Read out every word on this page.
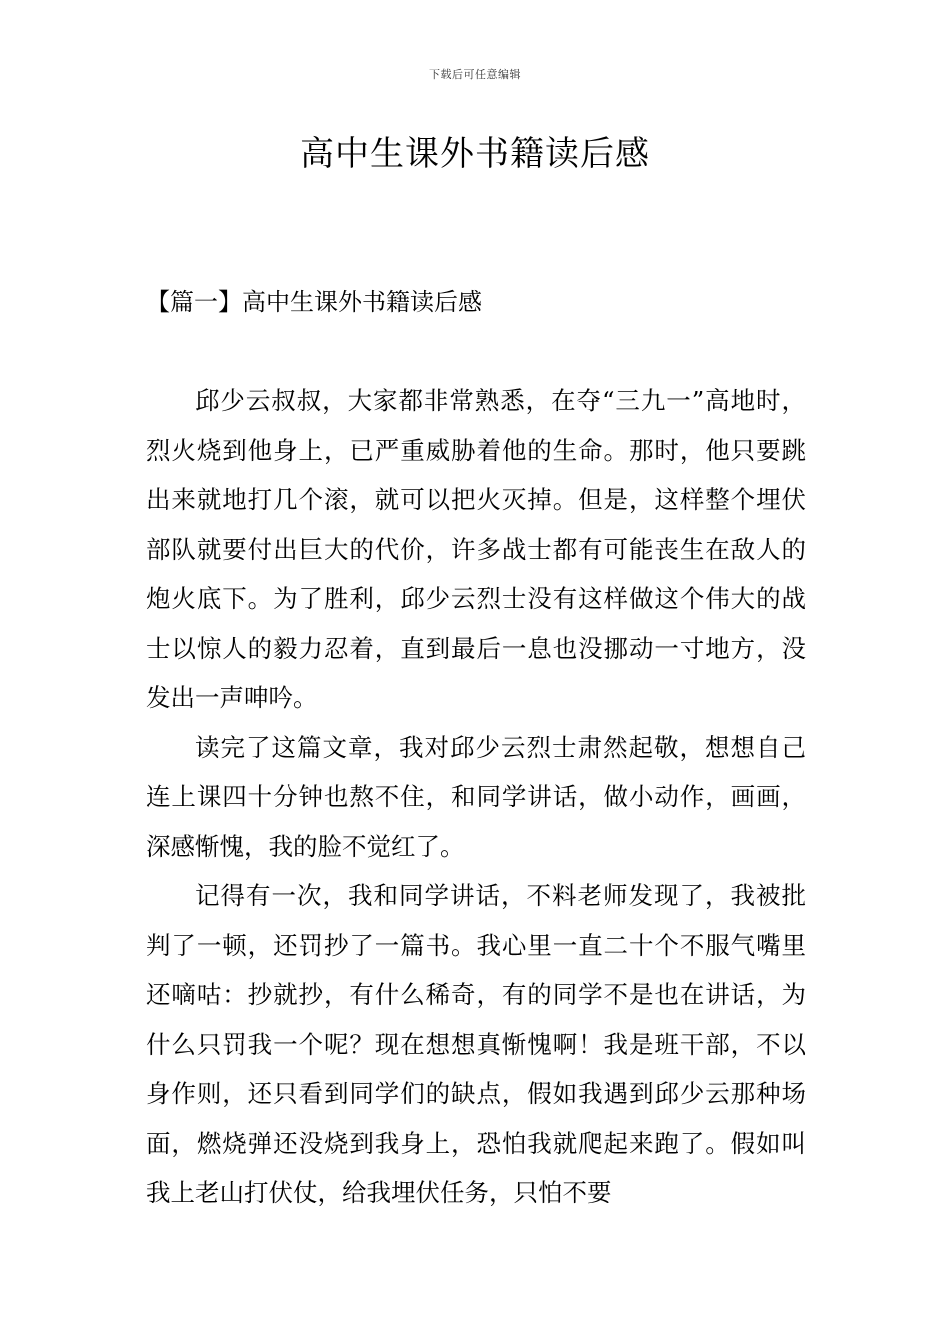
下载后可任意编辑
高中生课外书籍读后感
【篇一】高中生课外书籍读后感

邱少云叔叔，大家都非常熟悉，在夺“三九一”高地时，烈火烧到他身上，已严重威胁着他的生命。那时，他只要跳出来就地打几个滚，就可以把火灭掉。但是，这样整个埋伏部队就要付出巨大的代价，许多战士都有可能丧生在敌人的炮火底下。为了胜利，邱少云烈士没有这样做这个伟大的战士以惊人的毅力忍着，直到最后一息也没挪动一寸地方，没发出一声呻吟。

读完了这篇文章，我对邱少云烈士肃然起敬，想想自己连上课四十分钟也熬不住，和同学讲话，做小动作，画画，深感惭愧，我的脸不觉红了。

记得有一次，我和同学讲话，不料老师发现了，我被批判了一顿，还罚抄了一篇书。我心里一直二十个不服气嘴里还嘀咕：抄就抄，有什么稀奇，有的同学不是也在讲话，为什么只罚我一个呢？现在想想真惭愧啊！我是班干部，不以身作则，还只看到同学们的缺点，假如我遇到邱少云那种场面，燃烧弹还没烧到我身上，恐怕我就爬起来跑了。假如叫我上老山打伏仗，给我埋伏任务，只怕不要
